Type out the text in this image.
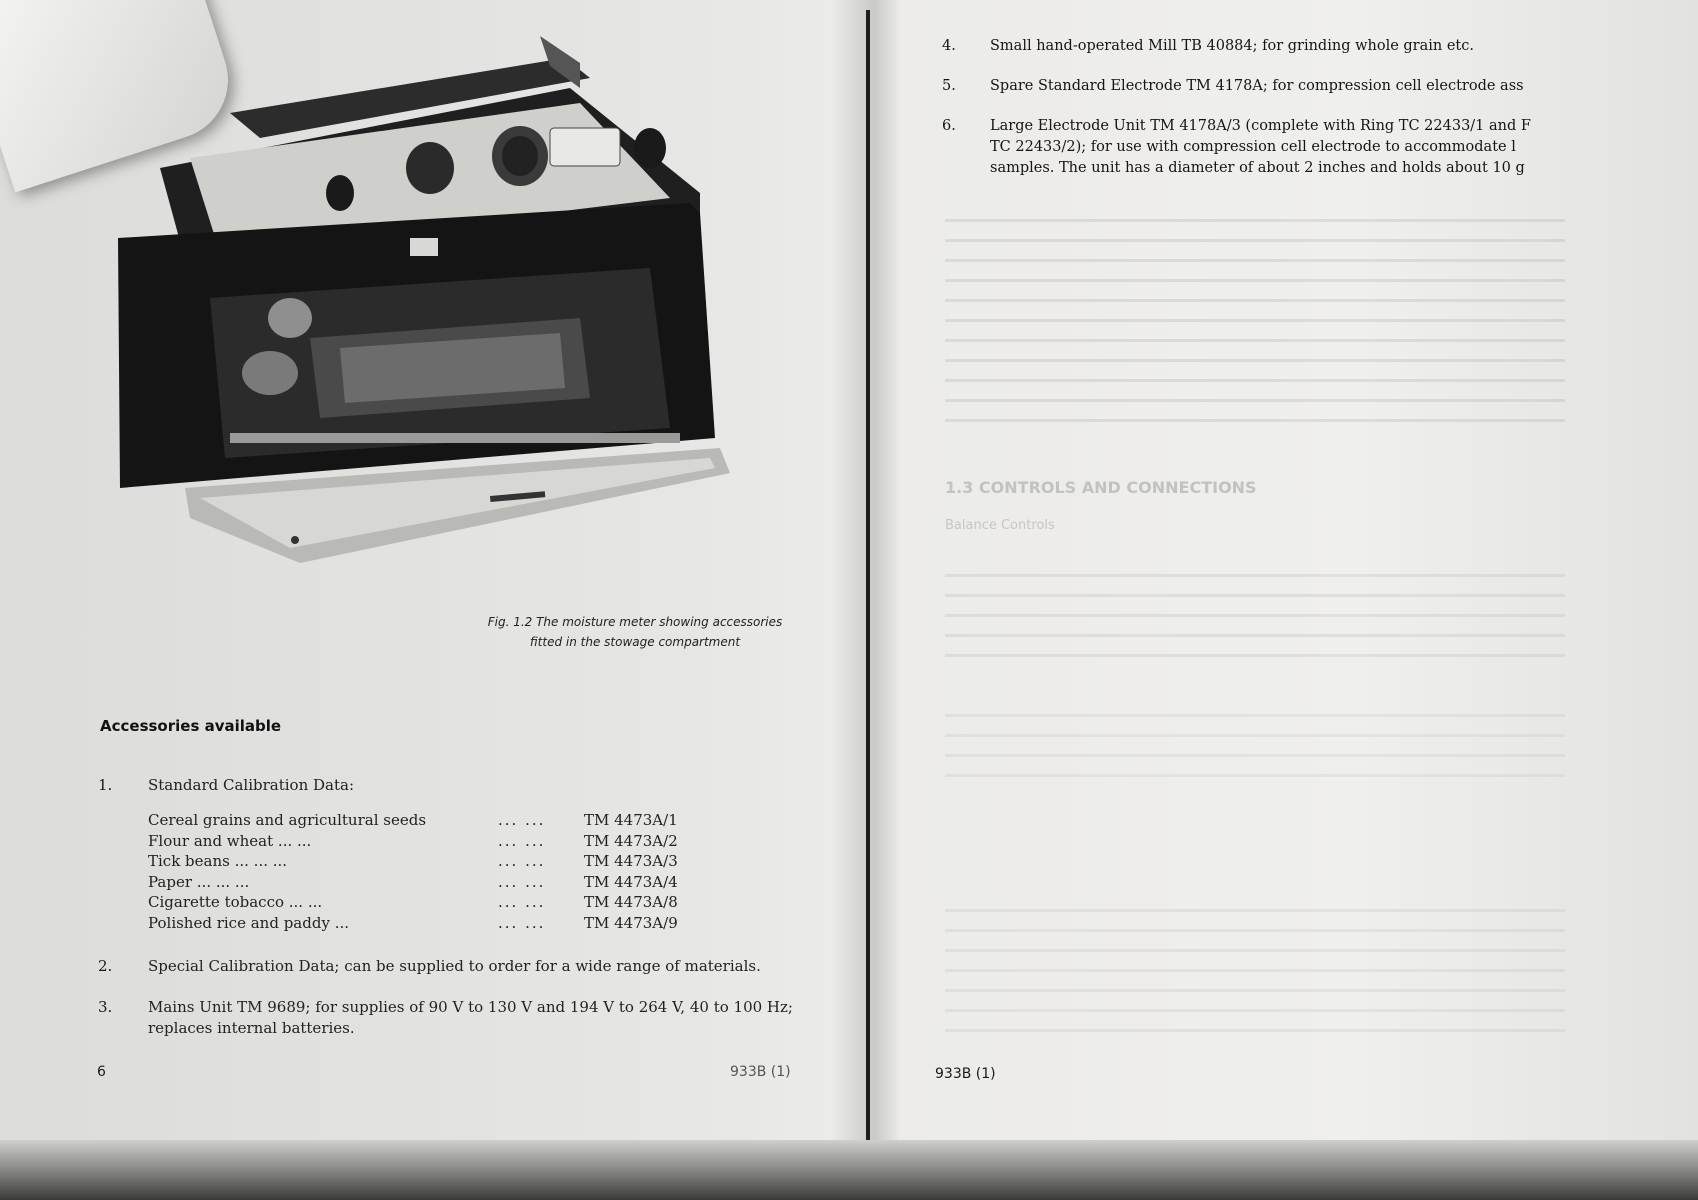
Fig. 1.2 The moisture meter showing accessories
fitted in the stowage compartment
Accessories available
1. Standard Calibration Data:
Cereal grains and agricultural seeds	... ...	TM 4473A/1
Flour and wheat ... ...	... ...	TM 4473A/2
Tick beans ... ... ...	... ...	TM 4473A/3
Paper ... ... ...	... ...	TM 4473A/4
Cigarette tobacco ... ...	... ...	TM 4473A/8
Polished rice and paddy ...	... ...	TM 4473A/9
2. Special Calibration Data; can be supplied to order for a wide range of materials.
3. Mains Unit TM 9689; for supplies of 90 V to 130 V and 194 V to 264 V, 40 to 100 Hz;
replaces internal batteries.
6	933B (1)
4. Small hand-operated Mill TB 40884; for grinding whole grain etc.
5. Spare Standard Electrode TM 4178A; for compression cell electrode ass
6. Large Electrode Unit TM 4178A/3 (complete with Ring TC 22433/1 and F
TC 22433/2); for use with compression cell electrode to accommodate l
samples. The unit has a diameter of about 2 inches and holds about 10 g
1.3 CONTROLS AND CONNECTIONS
Balance Controls
933B (1)
